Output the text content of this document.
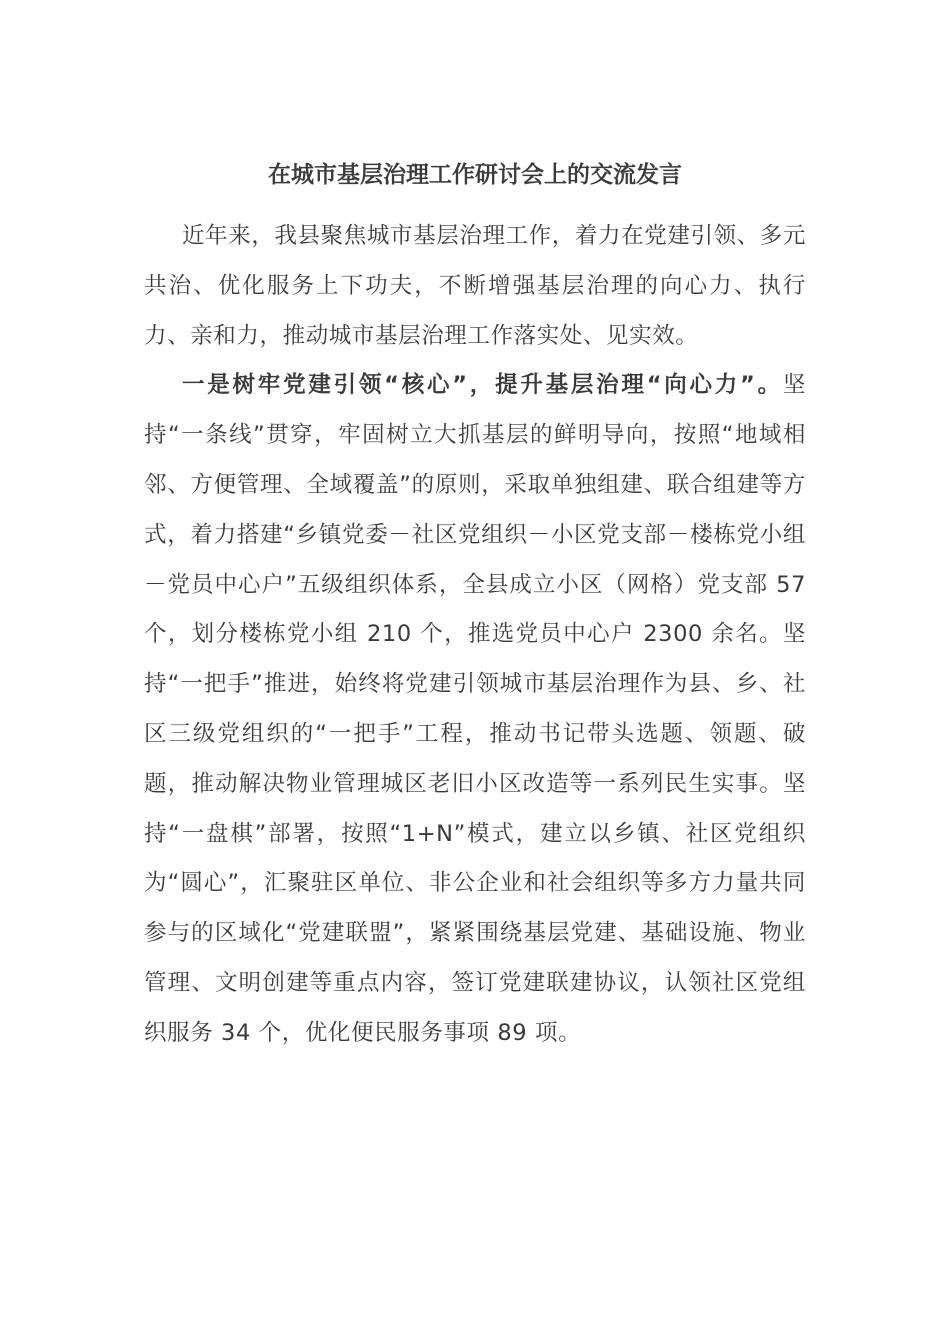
在城市基层治理工作研讨会上的交流发言

近年来，我县聚焦城市基层治理工作，着力在党建引领、多元共治、优化服务上下功夫，不断增强基层治理的向心力、执行力、亲和力，推动城市基层治理工作落实处、见实效。

一是树牢党建引领“核心”，提升基层治理“向心力”。坚持“一条线”贯穿，牢固树立大抓基层的鲜明导向，按照“地域相邻、方便管理、全域覆盖”的原则，采取单独组建、联合组建等方式，着力搭建“乡镇党委－社区党组织－小区党支部－楼栋党小组－党员中心户”五级组织体系，全县成立小区（网格）党支部 57 个，划分楼栋党小组 210 个，推选党员中心户 2300 余名。坚持“一把手”推进，始终将党建引领城市基层治理作为县、乡、社区三级党组织的“一把手”工程，推动书记带头选题、领题、破题，推动解决物业管理城区老旧小区改造等一系列民生实事。坚持“一盘棋”部署，按照“1+N”模式，建立以乡镇、社区党组织为“圆心”，汇聚驻区单位、非公企业和社会组织等多方力量共同参与的区域化“党建联盟”，紧紧围绕基层党建、基础设施、物业管理、文明创建等重点内容，签订党建联建协议，认领社区党组织服务 34 个，优化便民服务事项 89 项。
